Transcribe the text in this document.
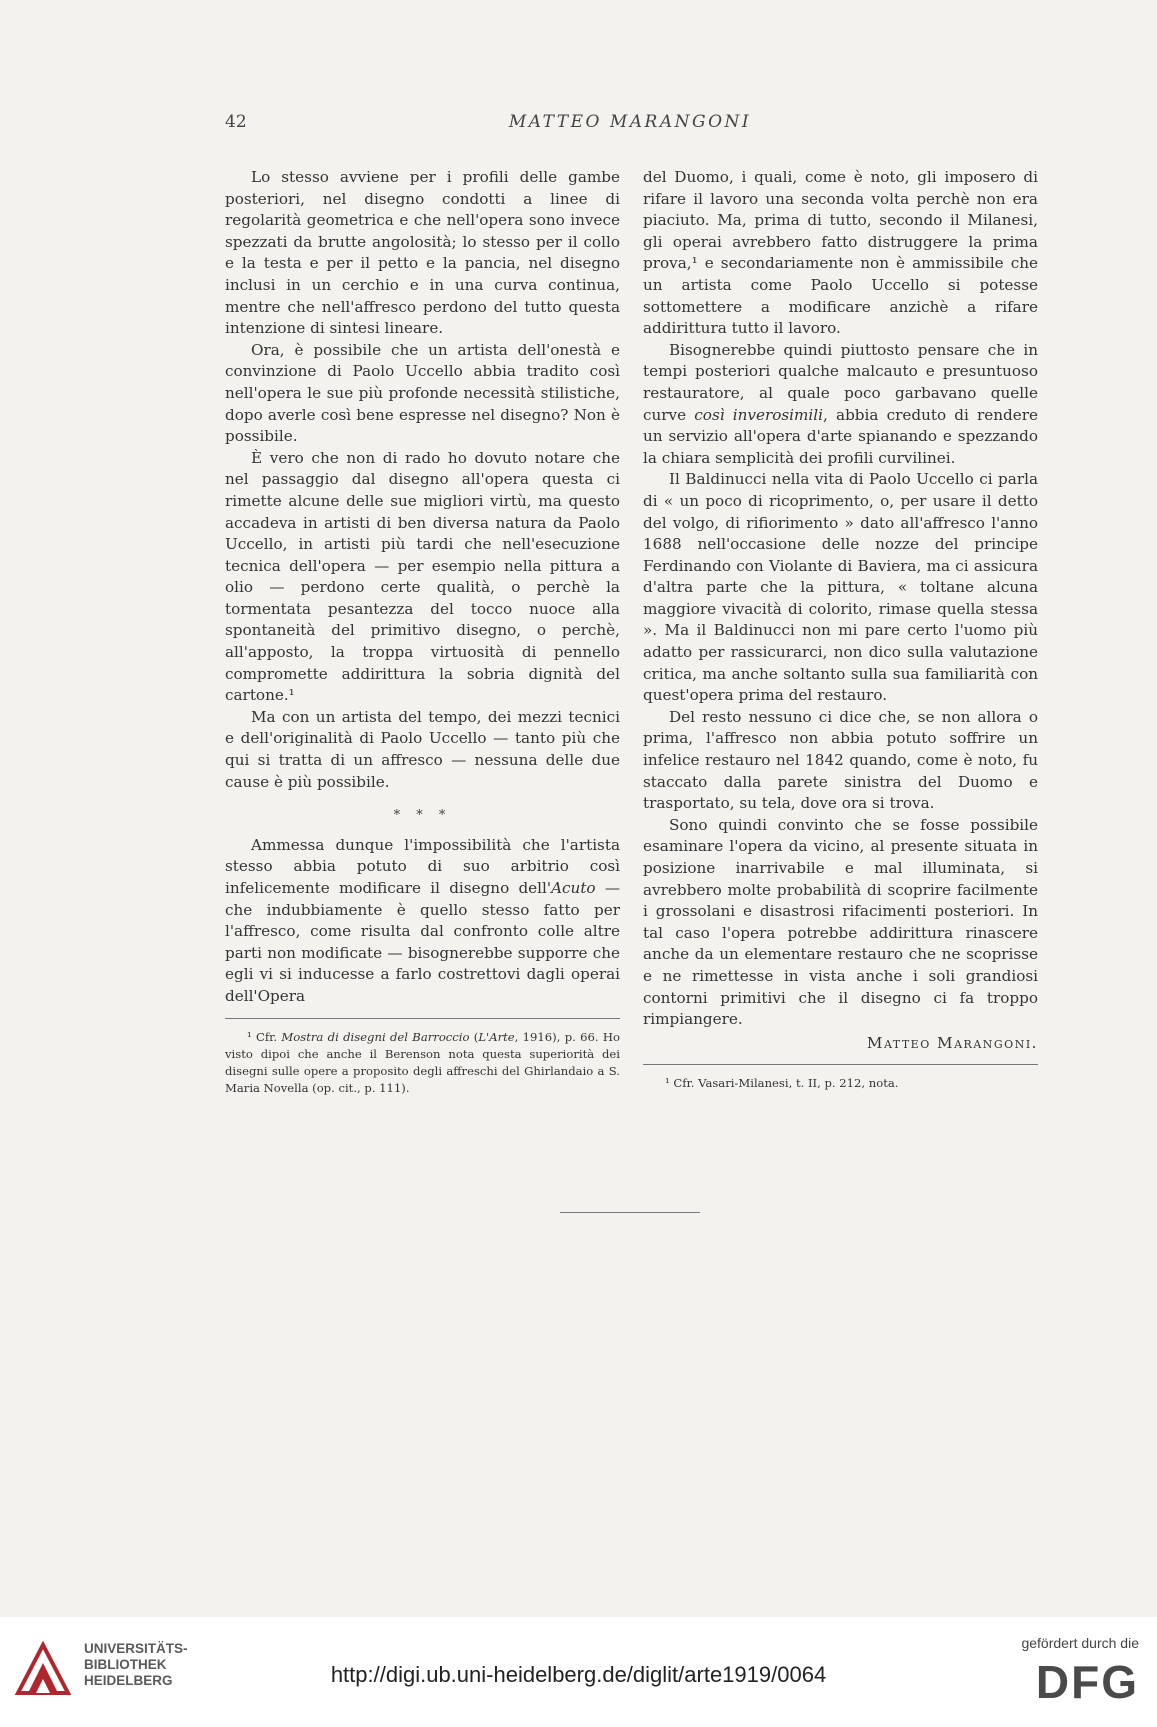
42	MATTEO MARANGONI

Lo stesso avviene per i profili delle gambe posteriori, nel disegno condotti a linee di regolarità geometrica e che nell'opera sono invece spezzati da brutte angolosità; lo stesso per il collo e la testa e per il petto e la pancia, nel disegno inclusi in un cerchio e in una curva continua, mentre che nell'affresco perdono del tutto questa intenzione di sintesi lineare.

Ora, è possibile che un artista dell'onestà e convinzione di Paolo Uccello abbia tradito così nell'opera le sue più profonde necessità stilistiche, dopo averle così bene espresse nel disegno? Non è possibile.

È vero che non di rado ho dovuto notare che nel passaggio dal disegno all'opera questa ci rimette alcune delle sue migliori virtù, ma questo accadeva in artisti di ben diversa natura da Paolo Uccello, in artisti più tardi che nell'esecuzione tecnica dell'opera — per esempio nella pittura a olio — perdono certe qualità, o perchè la tormentata pesantezza del tocco nuoce alla spontaneità del primitivo disegno, o perchè, all'apposto, la troppa virtuosità di pennello compromette addirittura la sobria dignità del cartone.¹

Ma con un artista del tempo, dei mezzi tecnici e dell'originalità di Paolo Uccello — tanto più che qui si tratta di un affresco — nessuna delle due cause è più possibile.

* * *

Ammessa dunque l'impossibilità che l'artista stesso abbia potuto di suo arbitrio così infelicemente modificare il disegno dell'Acuto — che indubbiamente è quello stesso fatto per l'affresco, come risulta dal confronto colle altre parti non modificate — bisognerebbe supporre che egli vi si inducesse a farlo costrettovi dagli operai dell'Opera

¹ Cfr. Mostra di disegni del Barroccio (L'Arte, 1916), p. 66. Ho visto dipoi che anche il Berenson nota questa superiorità dei disegni sulle opere a proposito degli affreschi del Ghirlandaio a S. Maria Novella (op. cit., p. 111).

del Duomo, i quali, come è noto, gli imposero di rifare il lavoro una seconda volta perchè non era piaciuto. Ma, prima di tutto, secondo il Milanesi, gli operai avrebbero fatto distruggere la prima prova,¹ e secondariamente non è ammissibile che un artista come Paolo Uccello si potesse sottomettere a modificare anzichè a rifare addirittura tutto il lavoro.

Bisognerebbe quindi piuttosto pensare che in tempi posteriori qualche malcauto e presuntuoso restauratore, al quale poco garbavano quelle curve così inverosimili, abbia creduto di rendere un servizio all'opera d'arte spianando e spezzando la chiara semplicità dei profili curvilinei.

Il Baldinucci nella vita di Paolo Uccello ci parla di « un poco di ricoprimento, o, per usare il detto del volgo, di rifiorimento » dato all'affresco l'anno 1688 nell'occasione delle nozze del principe Ferdinando con Violante di Baviera, ma ci assicura d'altra parte che la pittura, « toltane alcuna maggiore vivacità di colorito, rimase quella stessa ». Ma il Baldinucci non mi pare certo l'uomo più adatto per rassicurarci, non dico sulla valutazione critica, ma anche soltanto sulla sua familiarità con quest'opera prima del restauro.

Del resto nessuno ci dice che, se non allora o prima, l'affresco non abbia potuto soffrire un infelice restauro nel 1842 quando, come è noto, fu staccato dalla parete sinistra del Duomo e trasportato, su tela, dove ora si trova.

Sono quindi convinto che se fosse possibile esaminare l'opera da vicino, al presente situata in posizione inarrivabile e mal illuminata, si avrebbero molte probabilità di scoprire facilmente i grossolani e disastrosi rifacimenti posteriori. In tal caso l'opera potrebbe addirittura rinascere anche da un elementare restauro che ne scoprisse e ne rimettesse in vista anche i soli grandiosi contorni primitivi che il disegno ci fa troppo rimpiangere.

Matteo Marangoni.

¹ Cfr. Vasari-Milanesi, t. II, p. 212, nota.

UNIVERSITÄTS-
BIBLIOTHEK
HEIDELBERG	http://digi.ub.uni-heidelberg.de/diglit/arte1919/0064
gefördert durch die
DFG
